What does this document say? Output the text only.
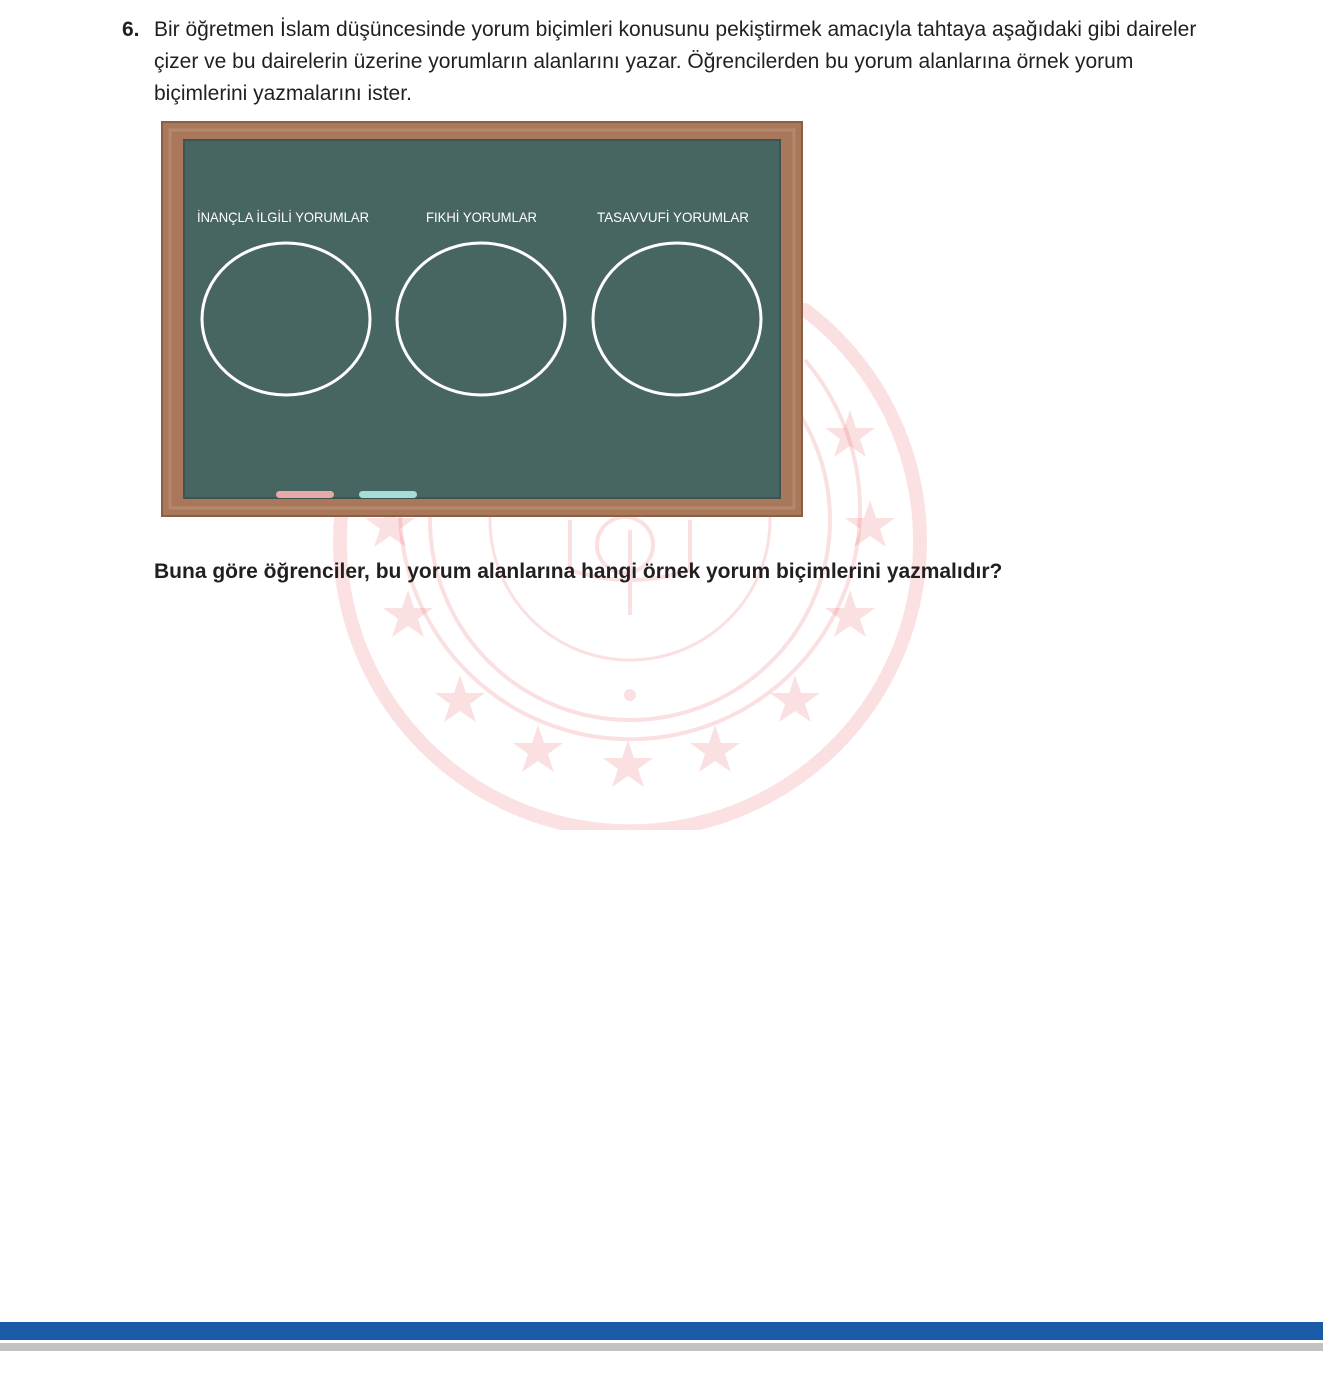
6. Bir öğretmen İslam düşüncesinde yorum biçimleri konusunu pekiştirmek amacıyla tahtaya aşağıdaki gibi daireler çizer ve bu dairelerin üzerine yorumların alanlarını yazar. Öğrencilerden bu yorum alanlarına örnek yorum biçimlerini yazmalarını ister.
İNANÇLA İLGİLİ YORUMLAR	FIKHİ YORUMLAR	TASAVVUFİ YORUMLAR
Buna göre öğrenciler, bu yorum alanlarına hangi örnek yorum biçimlerini yazmalıdır?
